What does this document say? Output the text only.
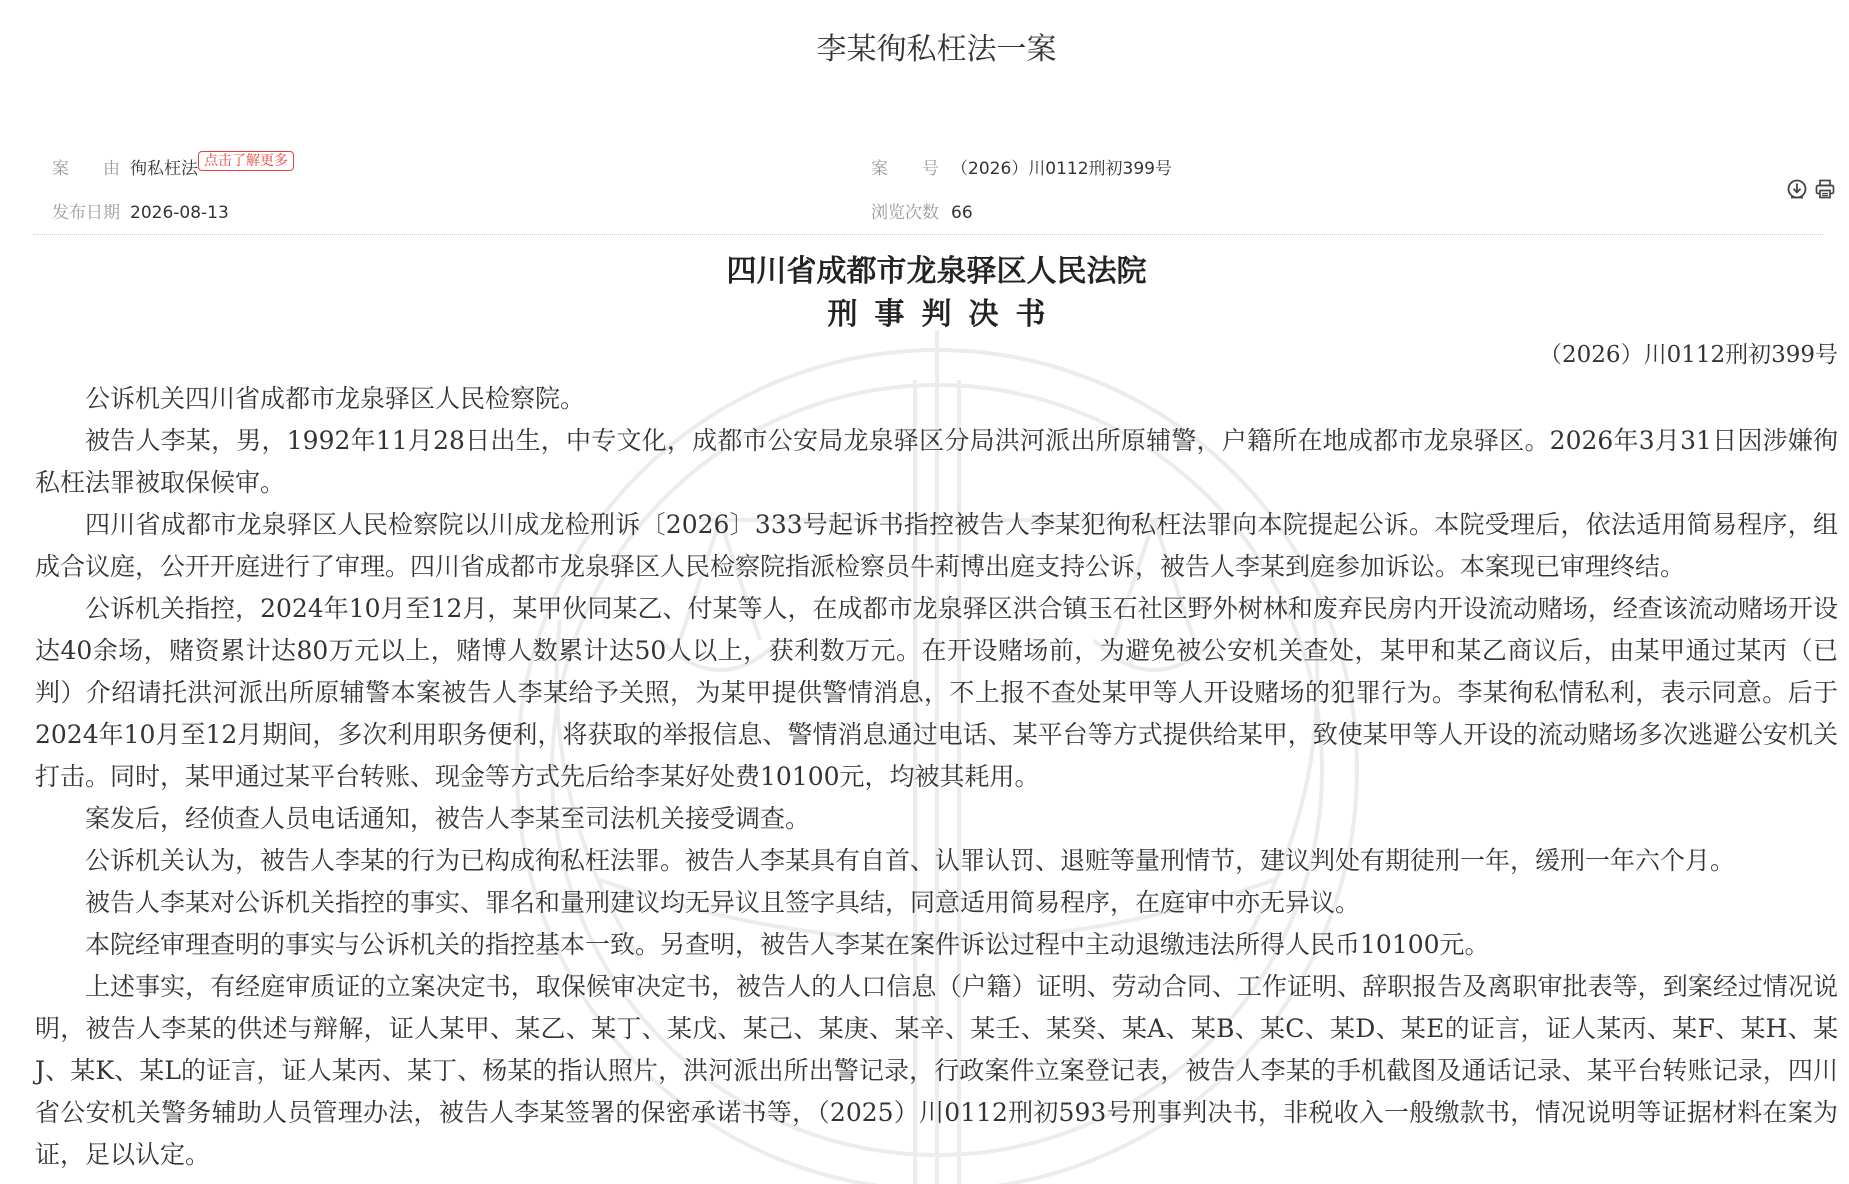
李某徇私枉法一案
案　　由 徇私枉法 点击了解更多	案　　号 （2026）川0112刑初399号
发布日期 2026-08-13	浏览次数 66
四川省成都市龙泉驿区人民法院
刑事判决书
（2026）川0112刑初399号

公诉机关四川省成都市龙泉驿区人民检察院。

被告人李某，男，1992年11月28日出生，中专文化，成都市公安局龙泉驿区分局洪河派出所原辅警，户籍所在地成都市龙泉驿区。2026年3月31日因涉嫌徇私枉法罪被取保候审。

四川省成都市龙泉驿区人民检察院以川成龙检刑诉〔2026〕333号起诉书指控被告人李某犯徇私枉法罪向本院提起公诉。本院受理后，依法适用简易程序，组成合议庭，公开开庭进行了审理。四川省成都市龙泉驿区人民检察院指派检察员牛莉博出庭支持公诉，被告人李某到庭参加诉讼。本案现已审理终结。

公诉机关指控，2024年10月至12月，某甲伙同某乙、付某等人，在成都市龙泉驿区洪合镇玉石社区野外树林和废弃民房内开设流动赌场，经查该流动赌场开设达40余场，赌资累计达80万元以上，赌博人数累计达50人以上，获利数万元。在开设赌场前，为避免被公安机关查处，某甲和某乙商议后，由某甲通过某丙（已判）介绍请托洪河派出所原辅警本案被告人李某给予关照，为某甲提供警情消息，不上报不查处某甲等人开设赌场的犯罪行为。李某徇私情私利，表示同意。后于2024年10月至12月期间，多次利用职务便利，将获取的举报信息、警情消息通过电话、某平台等方式提供给某甲，致使某甲等人开设的流动赌场多次逃避公安机关打击。同时，某甲通过某平台转账、现金等方式先后给李某好处费10100元，均被其耗用。

案发后，经侦查人员电话通知，被告人李某至司法机关接受调查。

公诉机关认为，被告人李某的行为已构成徇私枉法罪。被告人李某具有自首、认罪认罚、退赃等量刑情节，建议判处有期徒刑一年，缓刑一年六个月。

被告人李某对公诉机关指控的事实、罪名和量刑建议均无异议且签字具结，同意适用简易程序，在庭审中亦无异议。

本院经审理查明的事实与公诉机关的指控基本一致。另查明，被告人李某在案件诉讼过程中主动退缴违法所得人民币10100元。

上述事实，有经庭审质证的立案决定书，取保候审决定书，被告人的人口信息（户籍）证明、劳动合同、工作证明、辞职报告及离职审批表等，到案经过情况说明，被告人李某的供述与辩解，证人某甲、某乙、某丁、某戊、某己、某庚、某辛、某壬、某癸、某A、某B、某C、某D、某E的证言，证人某丙、某F、某H、某J、某K、某L的证言，证人某丙、某丁、杨某的指认照片，洪河派出所出警记录，行政案件立案登记表，被告人李某的手机截图及通话记录、某平台转账记录，四川省公安机关警务辅助人员管理办法，被告人李某签署的保密承诺书等，（2025）川0112刑初593号刑事判决书，非税收入一般缴款书，情况说明等证据材料在案为证，足以认定。
